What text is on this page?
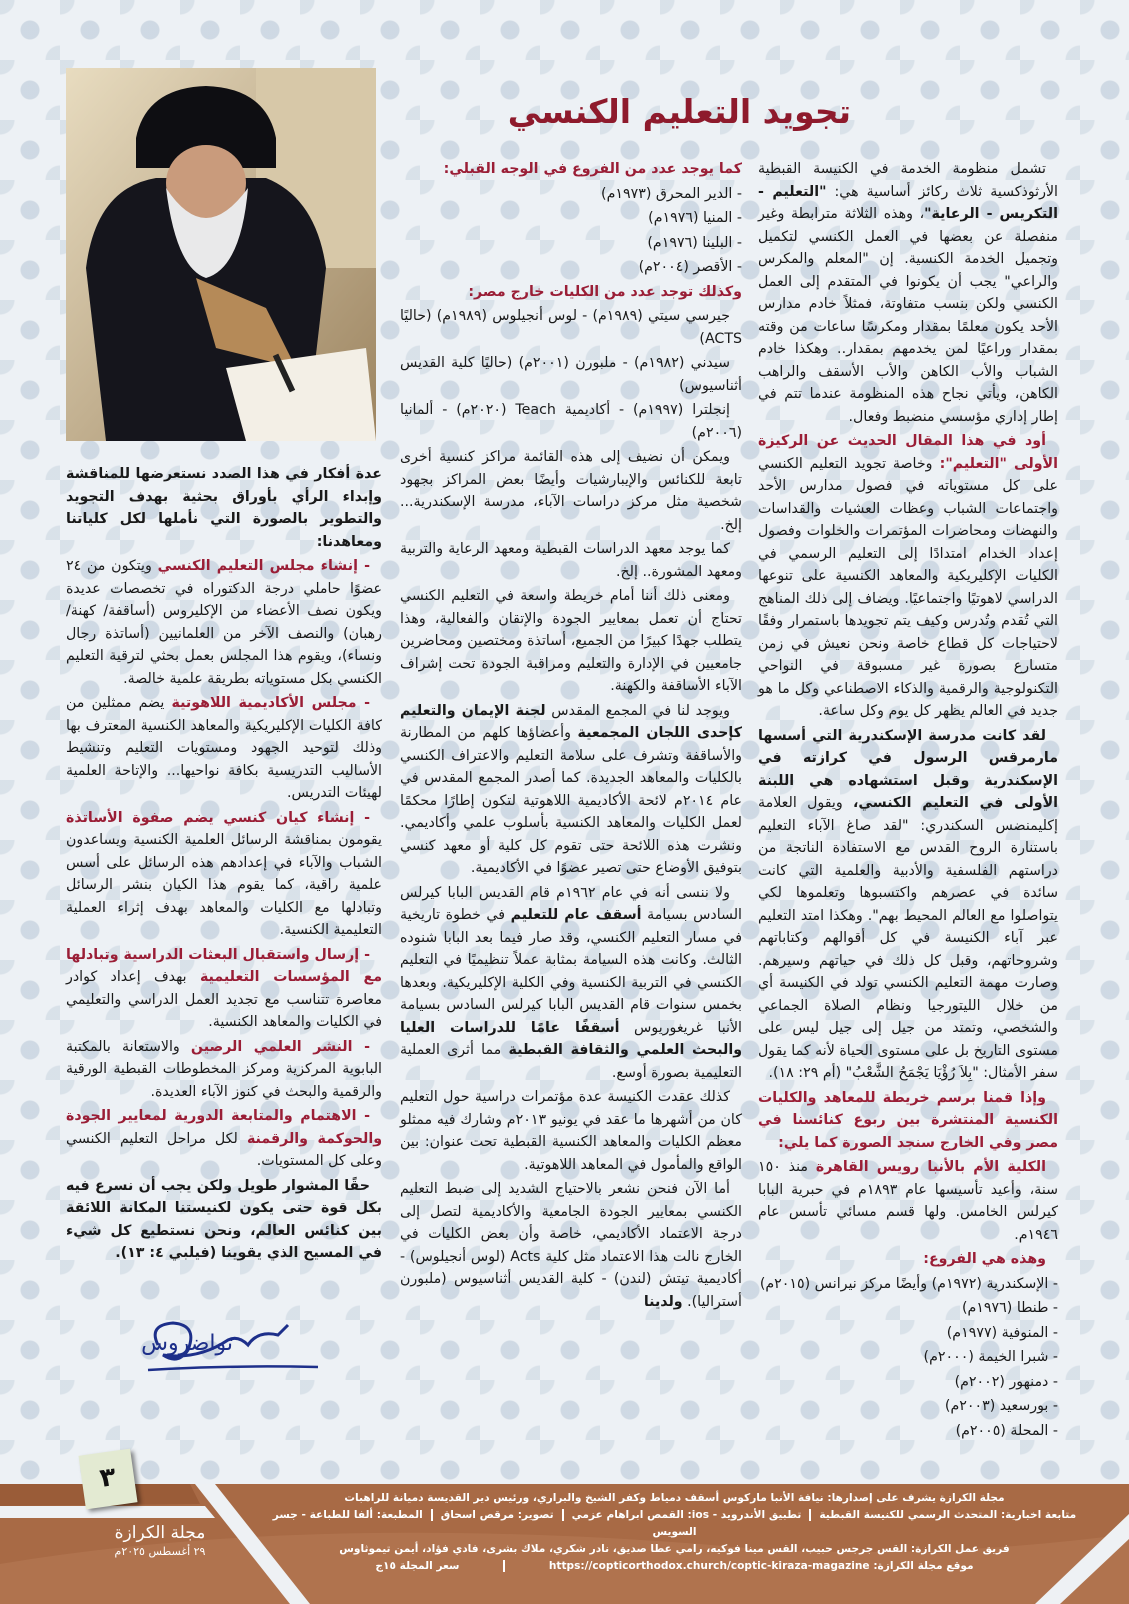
تجويد التعليم الكنسي

عدة أفكار في هذا الصدد نستعرضها للمناقشة وإبداء الرأي بأوراق بحثية بهدف التجويد والتطوير بالصورة التي نأملها لكل كلياتنا ومعاهدنا:

- إنشاء مجلس التعليم الكنسي ويتكون من ٢٤ عضوًا حاملي درجة الدكتوراه في تخصصات عديدة ويكون نصف الأعضاء من الإكليروس (أساقفة/ كهنة/ رهبان) والنصف الآخر من العلمانيين (أساتذة رجال ونساء)، ويقوم هذا المجلس بعمل بحثي لترقية التعليم الكنسي بكل مستوياته بطريقة علمية خالصة.

- مجلس الأكاديمية اللاهوتية يضم ممثلين من كافة الكليات الإكليريكية والمعاهد الكنسية المعترف بها وذلك لتوحيد الجهود ومستويات التعليم وتنشيط الأساليب التدريسية بكافة نواحيها... والإتاحة العلمية لهيئات التدريس.

- إنشاء كيان كنسي يضم صفوة الأساتذة يقومون بمناقشة الرسائل العلمية الكنسية ويساعدون الشباب والآباء في إعدادهم هذه الرسائل على أسس علمية راقية، كما يقوم هذا الكيان بنشر الرسائل وتبادلها مع الكليات والمعاهد بهدف إثراء العملية التعليمية الكنسية.

- إرسال واستقبال البعثات الدراسية وتبادلها مع المؤسسات التعليمية بهدف إعداد كوادر معاصرة تتناسب مع تجديد العمل الدراسي والتعليمي في الكليات والمعاهد الكنسية.

- النشر العلمي الرصين والاستعانة بالمكتبة البابوية المركزية ومركز المخطوطات القبطية الورقية والرقمية والبحث في كنوز الآباء العديدة.

- الاهتمام والمتابعة الدورية لمعايير الجودة والحوكمة والرقمنة لكل مراحل التعليم الكنسي وعلى كل المستويات.

حقًا المشوار طويل ولكن يجب أن نسرع فيه بكل قوة حتى يكون لكنيستنا المكانة اللائقة بين كنائس العالم، ونحن نستطيع كل شيء في المسيح الذي يقوينا (فيلبي ٤: ١٣).

تواضروس

كما يوجد عدد من الفروع في الوجه القبلي:

- الدير المحرق (١٩٧٣م)

- المنيا (١٩٧٦م)

- البلينا (١٩٧٦م)

- الأقصر (٢٠٠٤م)

وكذلك توجد عدد من الكليات خارج مصر:

جيرسي سيتي (١٩٨٩م) - لوس أنجيلوس (١٩٨٩م) (حاليًا ACTS)

سيدني (١٩٨٢م) - ملبورن (٢٠٠١م) (حاليًا كلية القديس أثناسيوس)

إنجلترا (١٩٩٧م) - أكاديمية Teach (٢٠٢٠م) - ألمانيا (٢٠٠٦م)

ويمكن أن نضيف إلى هذه القائمة مراكز كنسية أخرى تابعة للكنائس والإيبارشيات وأيضًا بعض المراكز بجهود شخصية مثل مركز دراسات الآباء، مدرسة الإسكندرية... إلخ.

كما يوجد معهد الدراسات القبطية ومعهد الرعاية والتربية ومعهد المشورة.. إلخ.

ومعنى ذلك أننا أمام خريطة واسعة في التعليم الكنسي تحتاج أن تعمل بمعايير الجودة والإتقان والفعالية، وهذا يتطلب جهدًا كبيرًا من الجميع، أساتذة ومختصين ومحاضرين جامعيين في الإدارة والتعليم ومراقبة الجودة تحت إشراف الآباء الأساقفة والكهنة.

ويوجد لنا في المجمع المقدس لجنة الإيمان والتعليم كإحدى اللجان المجمعية وأعضاؤها كلهم من المطارنة والأساقفة وتشرف على سلامة التعليم والاعتراف الكنسي بالكليات والمعاهد الجديدة. كما أصدر المجمع المقدس في عام ٢٠١٤م لائحة الأكاديمية اللاهوتية لتكون إطارًا محكمًا لعمل الكليات والمعاهد الكنسية بأسلوب علمي وأكاديمي. ونشرت هذه اللائحة حتى تقوم كل كلية أو معهد كنسي بتوفيق الأوضاع حتى تصير عضوًا في الأكاديمية.

ولا ننسى أنه في عام ١٩٦٢م قام القديس البابا كيرلس السادس بسيامة أسقف عام للتعليم في خطوة تاريخية في مسار التعليم الكنسي، وقد صار فيما بعد البابا شنوده الثالث. وكانت هذه السيامة بمثابة عملاً تنظيميًا في التعليم الكنسي في التربية الكنسية وفي الكلية الإكليريكية. وبعدها بخمس سنوات قام القديس البابا كيرلس السادس بسيامة الأنبا غريغوريوس أسقفًا عامًا للدراسات العليا والبحث العلمي والثقافة القبطية مما أثرى العملية التعليمية بصورة أوسع.

كذلك عقدت الكنيسة عدة مؤتمرات دراسية حول التعليم كان من أشهرها ما عقد في يونيو ٢٠١٣م وشارك فيه ممثلو معظم الكليات والمعاهد الكنسية القبطية تحت عنوان: بين الواقع والمأمول في المعاهد اللاهوتية.

أما الآن فنحن نشعر بالاحتياج الشديد إلى ضبط التعليم الكنسي بمعايير الجودة الجامعية والأكاديمية لتصل إلى درجة الاعتماد الأكاديمي، خاصة وأن بعض الكليات في الخارج نالت هذا الاعتماد مثل كلية Acts (لوس أنجيلوس) - أكاديمية تيتش (لندن) - كلية القديس أثناسيوس (ملبورن أستراليا). ولدينا

تشمل منظومة الخدمة في الكنيسة القبطية الأرثوذكسية ثلاث ركائز أساسية هي: "التعليم - التكريس - الرعاية"، وهذه الثلاثة مترابطة وغير منفصلة عن بعضها في العمل الكنسي لتكميل وتجميل الخدمة الكنسية. إن "المعلم والمكرس والراعي" يجب أن يكونوا في المتقدم إلى العمل الكنسي ولكن بنسب متفاوتة، فمثلاً خادم مدارس الأحد يكون معلمًا بمقدار ومكرسًا ساعات من وقته بمقدار وراعيًا لمن يخدمهم بمقدار.. وهكذا خادم الشباب والأب الكاهن والأب الأسقف والراهب الكاهن، ويأتي نجاح هذه المنظومة عندما تتم في إطار إداري مؤسسي منضبط وفعال.

أود في هذا المقال الحديث عن الركيزة الأولى "التعليم": وخاصة تجويد التعليم الكنسي على كل مستوياته في فصول مدارس الأحد واجتماعات الشباب وعظات العشيات والقداسات والنهضات ومحاضرات المؤتمرات والخلوات وفصول إعداد الخدام امتدادًا إلى التعليم الرسمي في الكليات الإكليريكية والمعاهد الكنسية على تنوعها الدراسي لاهوتيًا واجتماعيًا. ويضاف إلى ذلك المناهج التي تُقدم وتُدرس وكيف يتم تجويدها باستمرار وفقًا لاحتياجات كل قطاع خاصة ونحن نعيش في زمن متسارع بصورة غير مسبوقة في النواحي التكنولوجية والرقمية والذكاء الاصطناعي وكل ما هو جديد في العالم يظهر كل يوم وكل ساعة.

لقد كانت مدرسة الإسكندرية التي أسسها مارمرقس الرسول في كرازته في الإسكندرية وقبل استشهاده هي اللبنة الأولى في التعليم الكنسي، ويقول العلامة إكليمنضس السكندري: "لقد صاغ الآباء التعليم باستنارة الروح القدس مع الاستفادة الناتجة من دراستهم الفلسفية والأدبية والعلمية التي كانت سائدة في عصرهم واكتسبوها وتعلموها لكي يتواصلوا مع العالم المحيط بهم". وهكذا امتد التعليم عبر آباء الكنيسة في كل أقوالهم وكتاباتهم وشروحاتهم، وقبل كل ذلك في حياتهم وسيرهم. وصارت مهمة التعليم الكنسي تولد في الكنيسة أي من خلال الليتورجيا ونظام الصلاة الجماعي والشخصي، وتمتد من جيل إلى جيل ليس على مستوى التاريخ بل على مستوى الحياة لأنه كما يقول سفر الأمثال: "بِلاَ رُؤْيَا يَجْمَحُ الشَّعْبُ" (أم ٢٩: ١٨).

وإذا قمنا برسم خريطة للمعاهد والكليات الكنسية المنتشرة بين ربوع كنائسنا في مصر وفي الخارج سنجد الصورة كما يلي:

الكلية الأم بالأنبا رويس القاهرة منذ ١٥٠ سنة، وأعيد تأسيسها عام ١٨٩٣م في حبرية البابا كيرلس الخامس. ولها قسم مسائي تأسس عام ١٩٤٦م.

وهذه هي الفروع:

- الإسكندرية (١٩٧٢م) وأيضًا مركز نيرانس (٢٠١٥م)

- طنطا (١٩٧٦م)

- المنوفية (١٩٧٧م)

- شبرا الخيمة (٢٠٠٠م)

- دمنهور (٢٠٠٢م)

- بورسعيد (٢٠٠٣م)

- المحلة (٢٠٠٥م)

مجلة الكرازة يشرف على إصدارها: نيافة الأنبا ماركوس أسقف دمياط وكفر الشيخ والبراري، ورئيس دير القديسة دميانة للراهبات
متابعة اخبارية: المتحدث الرسمي للكنيسة القبطيةتطبيق الأندرويد - ios: القمص ابراهام عزميتصوير: مرقص اسحاقالمطبعة: ألفا للطباعة - جسر السويس
فريق عمل الكرازة: القس جرجس حبيب، القس مينا فوكيه، رامي عطا صديق، نادر شكري، ملاك بشرى، فادي فؤاد، أيمن تيموثاوس
موقع مجلة الكرازة: https://copticorthodox.church/coptic-kiraza-magazine  سعر المجلة ١٥ج
٣
مجلة الكرازة
٢٩ أغسطس ٢٠٢٥م
